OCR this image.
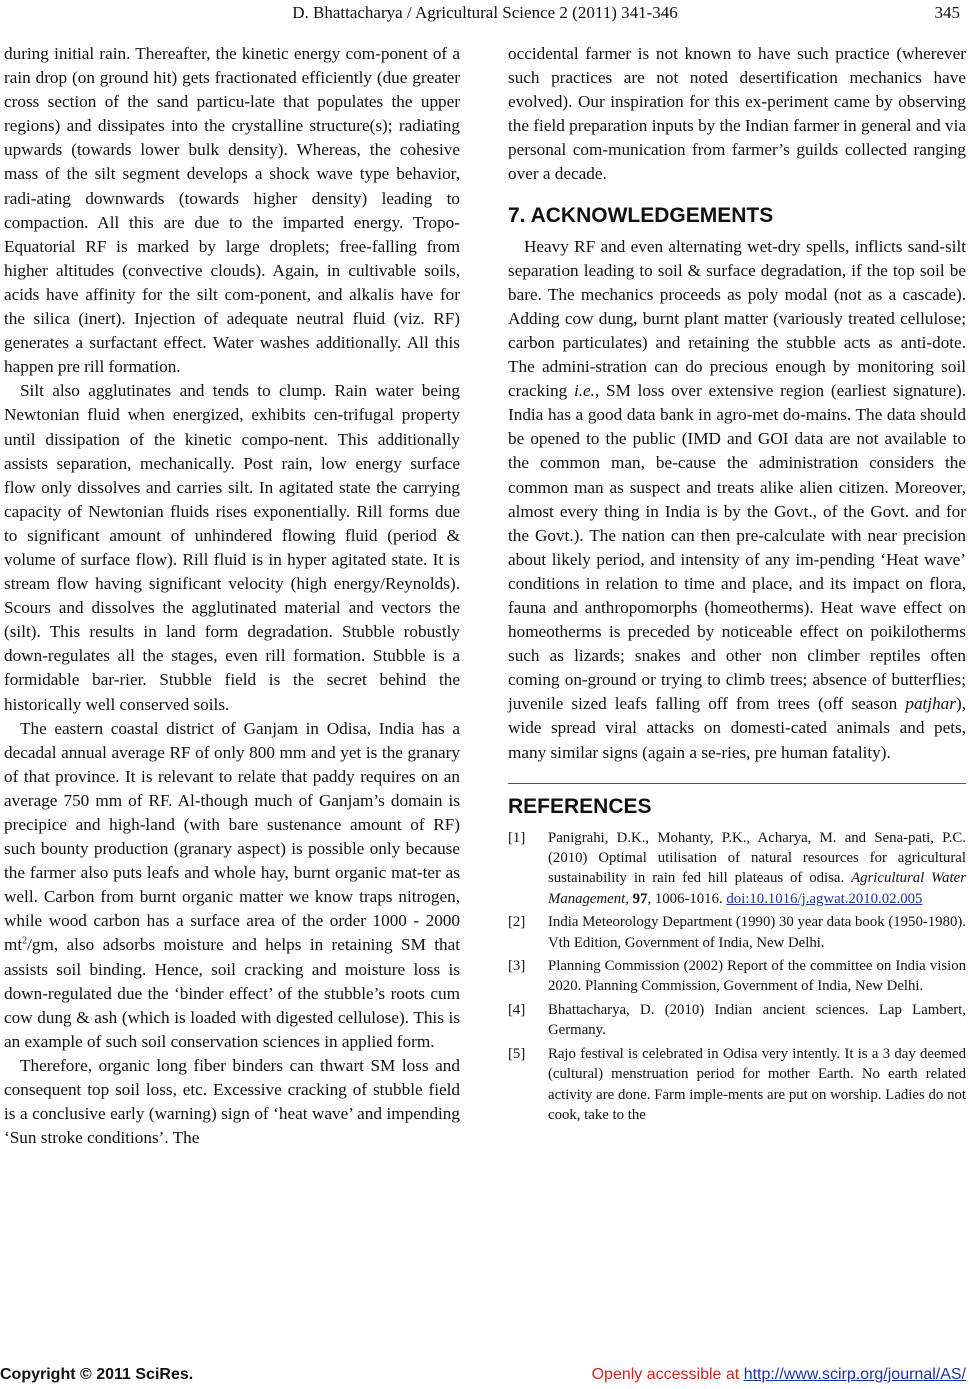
D. Bhattacharya / Agricultural Science 2 (2011) 341-346	345

during initial rain. Thereafter, the kinetic energy com-ponent of a rain drop (on ground hit) gets fractionated efficiently (due greater cross section of the sand particu-late that populates the upper regions) and dissipates into the crystalline structure(s); radiating upwards (towards lower bulk density). Whereas, the cohesive mass of the silt segment develops a shock wave type behavior, radi-ating downwards (towards higher density) leading to compaction. All this are due to the imparted energy. Tropo-Equatorial RF is marked by large droplets; free-falling from higher altitudes (convective clouds). Again, in cultivable soils, acids have affinity for the silt com-ponent, and alkalis have for the silica (inert). Injection of adequate neutral fluid (viz. RF) generates a surfactant effect. Water washes additionally. All this happen pre rill formation.

Silt also agglutinates and tends to clump. Rain water being Newtonian fluid when energized, exhibits cen-trifugal property until dissipation of the kinetic compo-nent. This additionally assists separation, mechanically. Post rain, low energy surface flow only dissolves and carries silt. In agitated state the carrying capacity of Newtonian fluids rises exponentially. Rill forms due to significant amount of unhindered flowing fluid (period & volume of surface flow). Rill fluid is in hyper agitated state. It is stream flow having significant velocity (high energy/Reynolds). Scours and dissolves the agglutinated material and vectors the (silt). This results in land form degradation. Stubble robustly down-regulates all the stages, even rill formation. Stubble is a formidable bar-rier. Stubble field is the secret behind the historically well conserved soils.

The eastern coastal district of Ganjam in Odisa, India has a decadal annual average RF of only 800 mm and yet is the granary of that province. It is relevant to relate that paddy requires on an average 750 mm of RF. Al-though much of Ganjam’s domain is precipice and high-land (with bare sustenance amount of RF) such bounty production (granary aspect) is possible only because the farmer also puts leafs and whole hay, burnt organic mat-ter as well. Carbon from burnt organic matter we know traps nitrogen, while wood carbon has a surface area of the order 1000 - 2000 $mt^2/gm$, also adsorbs moisture and helps in retaining SM that assists soil binding. Hence, soil cracking and moisture loss is down-regulated due the ‘binder effect’ of the stubble’s roots cum cow dung & ash (which is loaded with digested cellulose). This is an example of such soil conservation sciences in applied form.

Therefore, organic long fiber binders can thwart SM loss and consequent top soil loss, etc. Excessive cracking of stubble field is a conclusive early (warning) sign of ‘heat wave’ and impending ‘Sun stroke conditions’. The

occidental farmer is not known to have such practice (wherever such practices are not noted desertification mechanics have evolved). Our inspiration for this ex-periment came by observing the field preparation inputs by the Indian farmer in general and via personal com-munication from farmer’s guilds collected ranging over a decade.

7. ACKNOWLEDGEMENTS

Heavy RF and even alternating wet-dry spells, inflicts sand-silt separation leading to soil & surface degradation, if the top soil be bare. The mechanics proceeds as poly modal (not as a cascade). Adding cow dung, burnt plant matter (variously treated cellulose; carbon particulates) and retaining the stubble acts as anti-dote. The admini-stration can do precious enough by monitoring soil cracking i.e., SM loss over extensive region (earliest signature). India has a good data bank in agro-met do-mains. The data should be opened to the public (IMD and GOI data are not available to the common man, be-cause the administration considers the common man as suspect and treats alike alien citizen. Moreover, almost every thing in India is by the Govt., of the Govt. and for the Govt.). The nation can then pre-calculate with near precision about likely period, and intensity of any im-pending ‘Heat wave’ conditions in relation to time and place, and its impact on flora, fauna and anthropomorphs (homeotherms). Heat wave effect on homeotherms is preceded by noticeable effect on poikilotherms such as lizards; snakes and other non climber reptiles often coming on-ground or trying to climb trees; absence of butterflies; juvenile sized leafs falling off from trees (off season patjhar), wide spread viral attacks on domesti-cated animals and pets, many similar signs (again a se-ries, pre human fatality).

REFERENCES
[1]	Panigrahi, D.K., Mohanty, P.K., Acharya, M. and Sena-pati, P.C. (2010) Optimal utilisation of natural resources for agricultural sustainability in rain fed hill plateaus of odisa. Agricultural Water Management, 97, 1006-1016. doi:10.1016/j.agwat.2010.02.005
[2]	India Meteorology Department (1990) 30 year data book (1950-1980). Vth Edition, Government of India, New Delhi.
[3]	Planning Commission (2002) Report of the committee on India vision 2020. Planning Commission, Government of India, New Delhi.
[4]	Bhattacharya, D. (2010) Indian ancient sciences. Lap Lambert, Germany.
[5]	Rajo festival is celebrated in Odisa very intently. It is a 3 day deemed (cultural) menstruation period for mother Earth. No earth related activity are done. Farm imple-ments are put on worship. Ladies do not cook, take to the
Copyright © 2011 SciRes.	Openly accessible at http://www.scirp.org/journal/AS/
